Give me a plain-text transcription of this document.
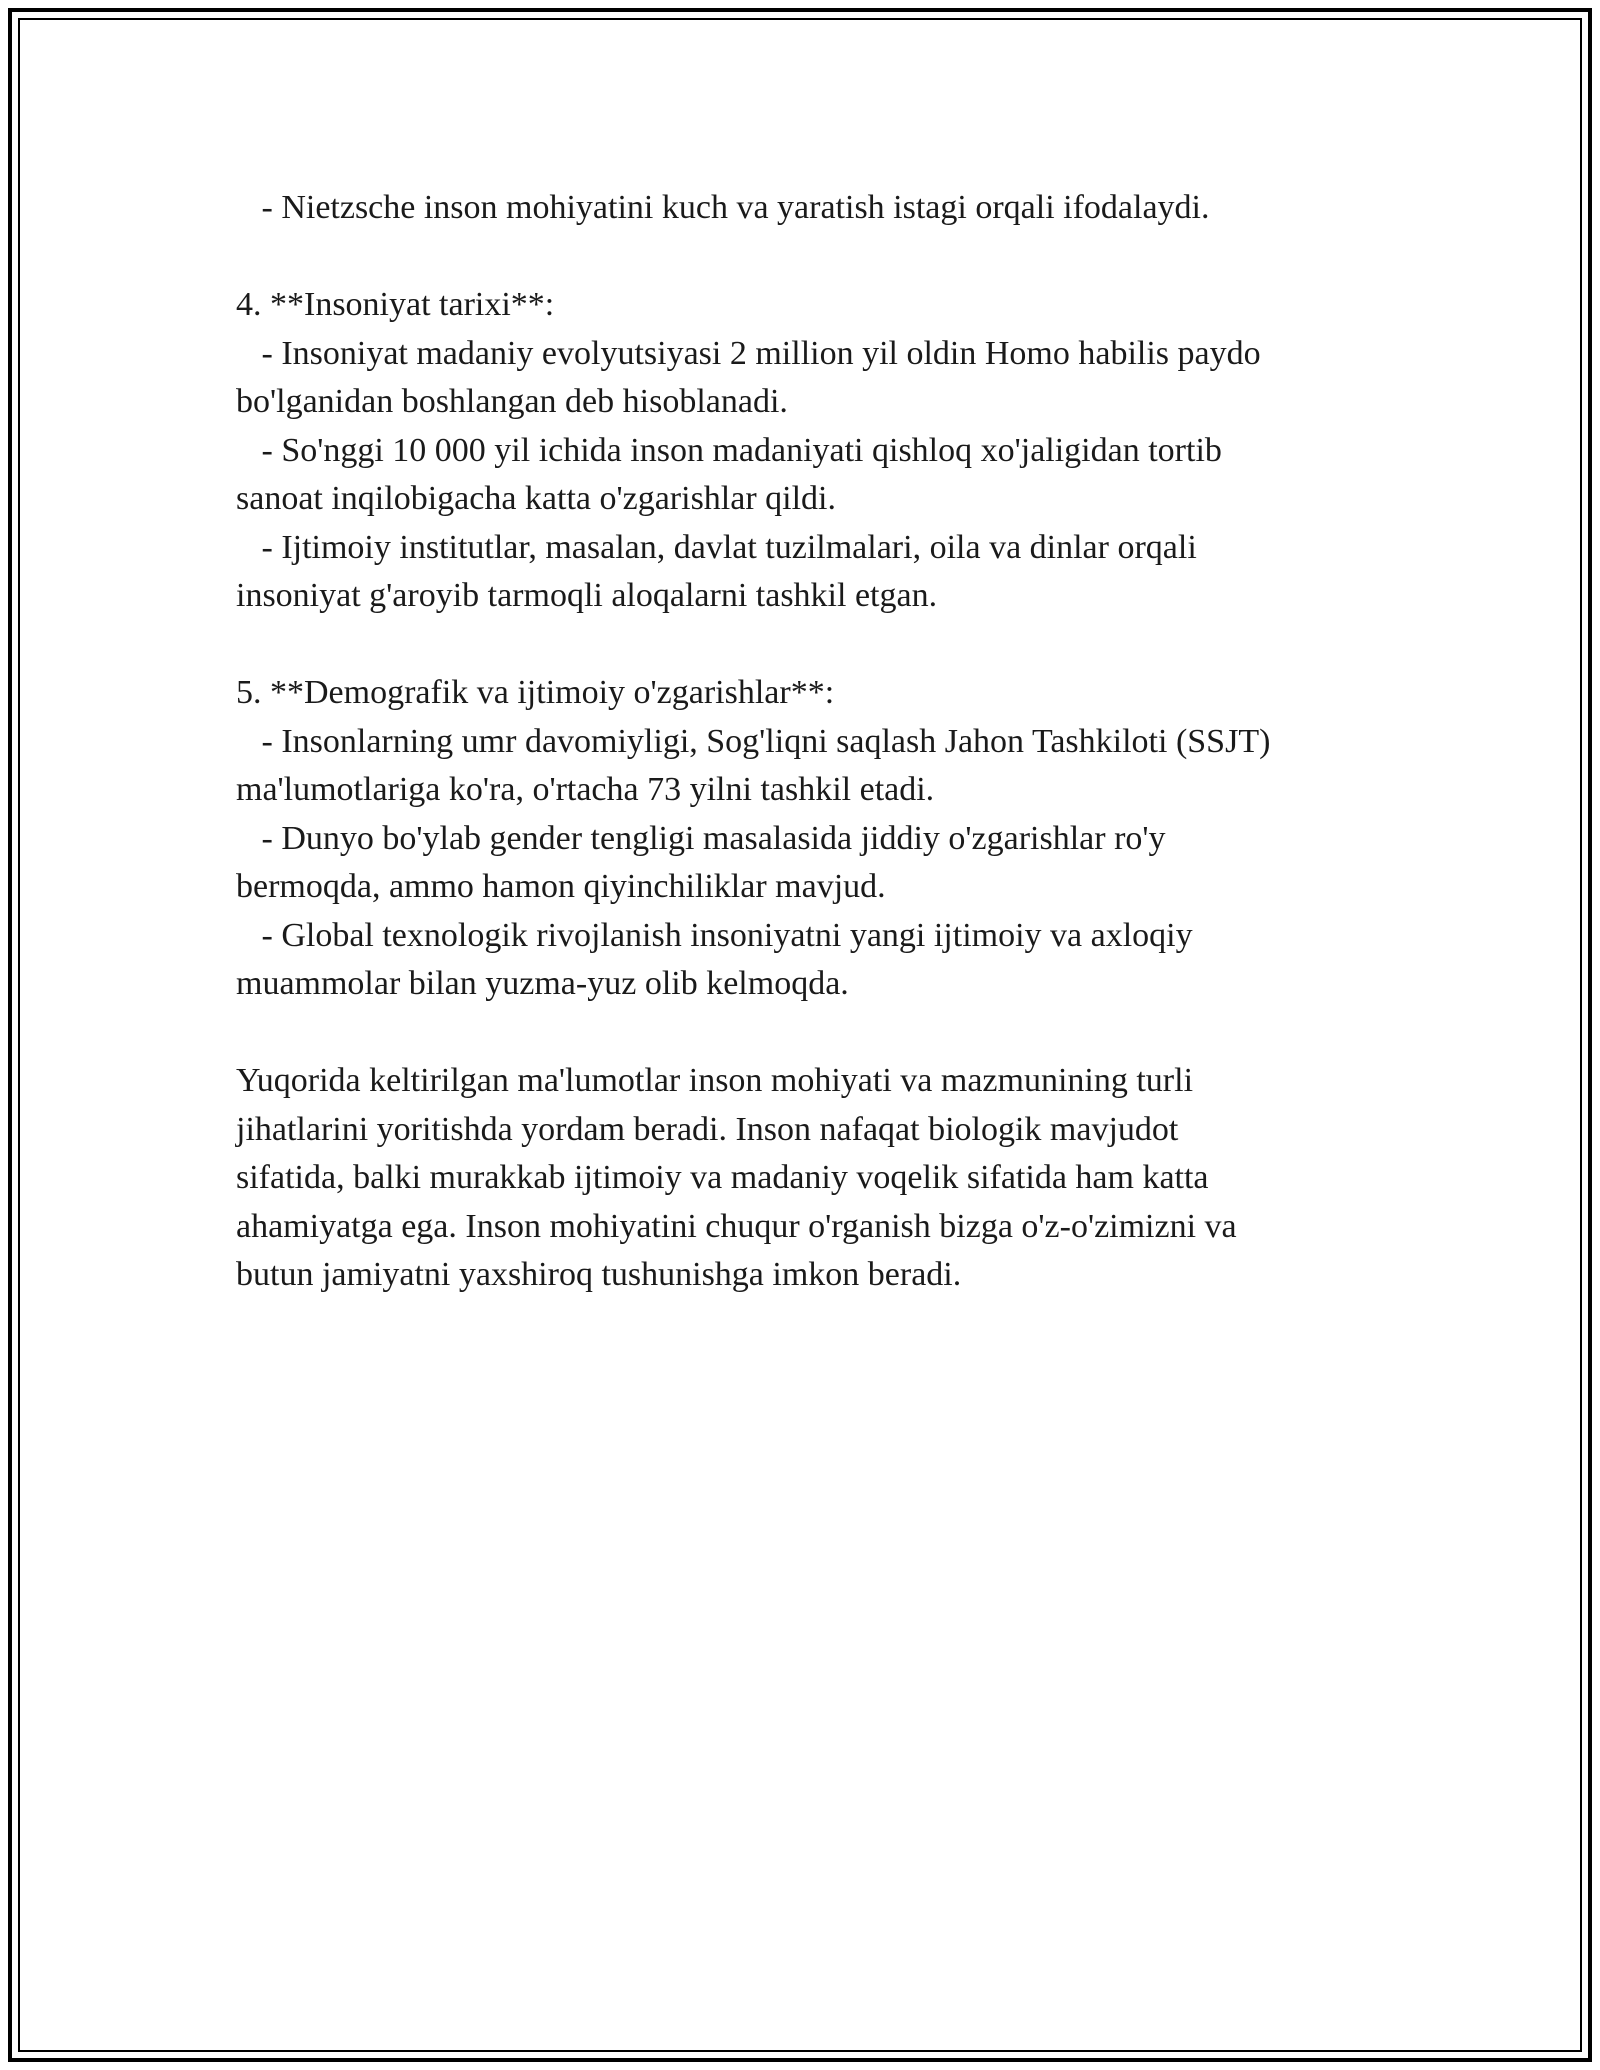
- Nietzsche inson mohiyatini kuch va yaratish istagi orqali ifodalaydi.
4. **Insoniyat tarixi**:
- Insoniyat madaniy evolyutsiyasi 2 million yil oldin Homo habilis paydo
bo'lganidan boshlangan deb hisoblanadi.
- So'nggi 10 000 yil ichida inson madaniyati qishloq xo'jaligidan tortib
sanoat inqilobigacha katta o'zgarishlar qildi.
- Ijtimoiy institutlar, masalan, davlat tuzilmalari, oila va dinlar orqali
insoniyat g'aroyib tarmoqli aloqalarni tashkil etgan.
5. **Demografik va ijtimoiy o'zgarishlar**:
- Insonlarning umr davomiyligi, Sog'liqni saqlash Jahon Tashkiloti (SSJT)
ma'lumotlariga ko'ra, o'rtacha 73 yilni tashkil etadi.
- Dunyo bo'ylab gender tengligi masalasida jiddiy o'zgarishlar ro'y
bermoqda, ammo hamon qiyinchiliklar mavjud.
- Global texnologik rivojlanish insoniyatni yangi ijtimoiy va axloqiy
muammolar bilan yuzma-yuz olib kelmoqda.
Yuqorida keltirilgan ma'lumotlar inson mohiyati va mazmunining turli
jihatlarini yoritishda yordam beradi. Inson nafaqat biologik mavjudot
sifatida, balki murakkab ijtimoiy va madaniy voqelik sifatida ham katta
ahamiyatga ega. Inson mohiyatini chuqur o'rganish bizga o'z-o'zimizni va
butun jamiyatni yaxshiroq tushunishga imkon beradi.
